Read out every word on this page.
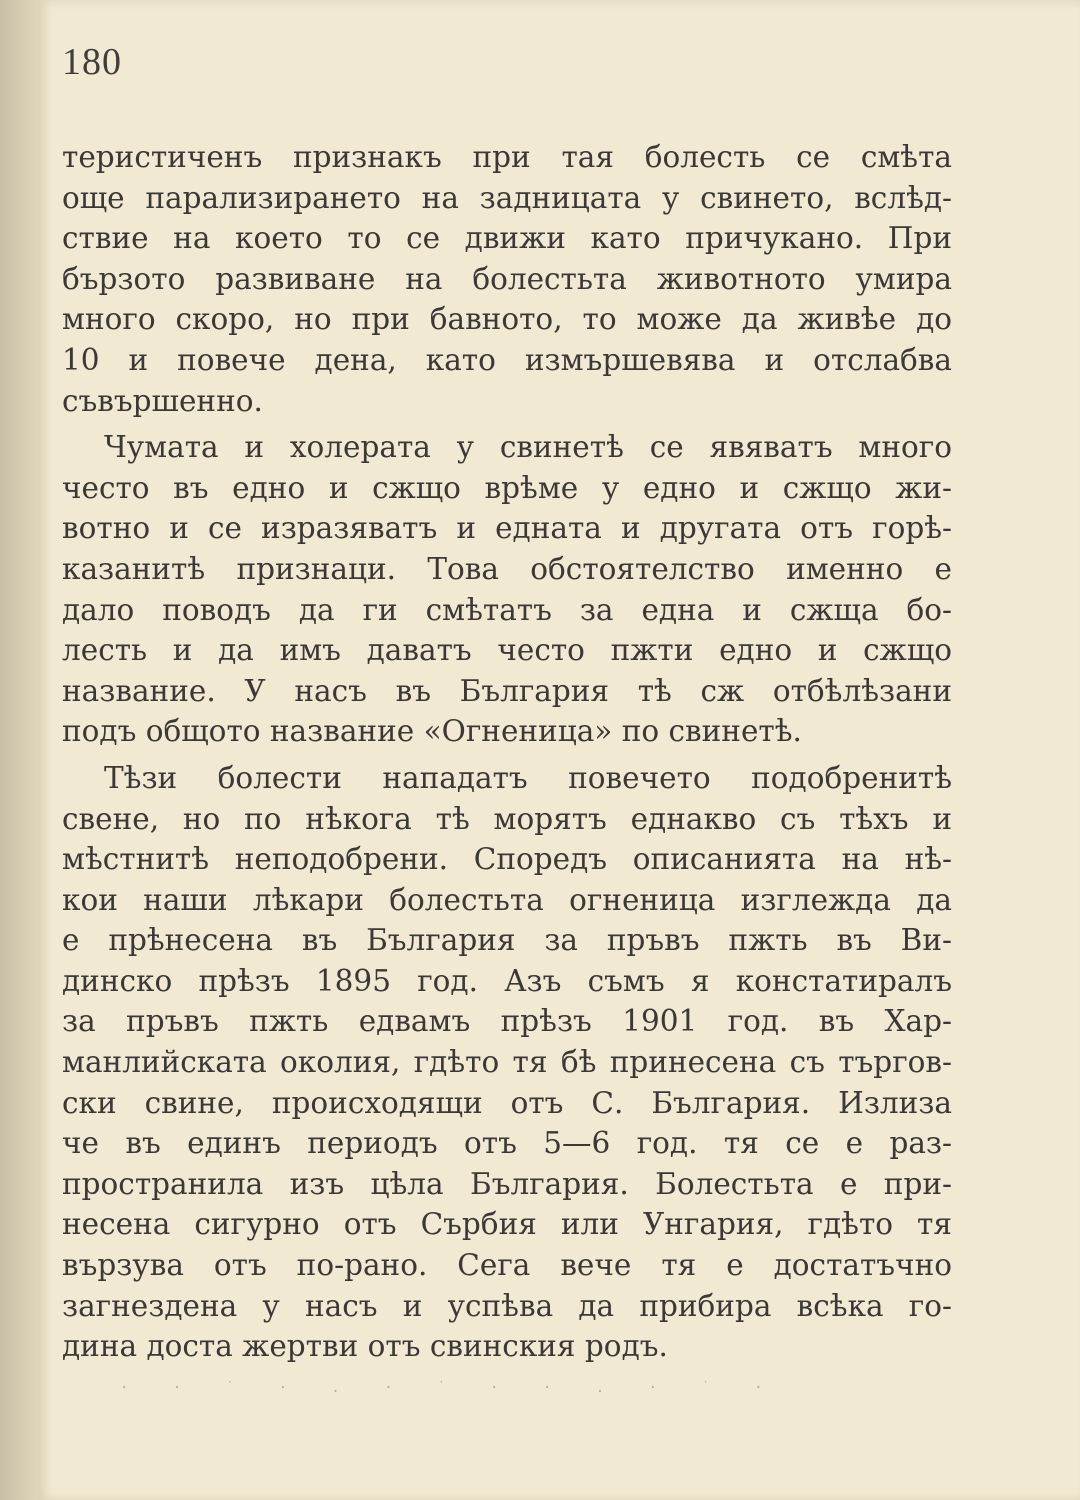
180

теристиченъ признакъ при тая болесть се смѣта
още парализирането на задницата у свинето, вслѣд-
ствие на което то се движи като причукано. При
бързото развиване на болестьта животното умира
много скоро, но при бавното, то може да живѣе до
10 и повече дена, като измършевява и отслабва
съвършенно.

Чумата и холерата у свинетѣ се явяватъ много
често въ едно и сжщо врѣме у едно и сжщо жи-
вотно и се изразяватъ и едната и другата отъ горѣ-
казанитѣ признаци. Това обстоятелство именно е
дало поводъ да ги смѣтатъ за една и сжща бо-
лесть и да имъ даватъ често пжти едно и сжщо
название. У насъ въ България тѣ сж отбѣлѣзани
подъ общото название «Огненица» по свинетѣ.

Тѣзи болести нападатъ повечето подобренитѣ
свене, но по нѣкога тѣ морятъ еднакво съ тѣхъ и
мѣстнитѣ неподобрени. Споредъ описанията на нѣ-
кои наши лѣкари болестьта огненица изглежда да
е прѣнесена въ България за пръвъ пжть въ Ви-
динско прѣзъ 1895 год. Азъ съмъ я констатиралъ
за пръвъ пжть едвамъ прѣзъ 1901 год. въ Хар-
манлийската околия, гдѣто тя бѣ принесена съ търгов-
ски свине, происходящи отъ С. България. Излиза
че въ единъ периодъ отъ 5—6 год. тя се е раз-
пространила изъ цѣла България. Болестьта е при-
несена сигурно отъ Сърбия или Унгария, гдѣто тя
вързува отъ по-рано. Сега вече тя е достатъчно
загнездена у насъ и успѣва да прибира всѣка го-
дина доста жертви отъ свинския родъ.

· · ˙ · . · ˙ · · . · ˙ ·
